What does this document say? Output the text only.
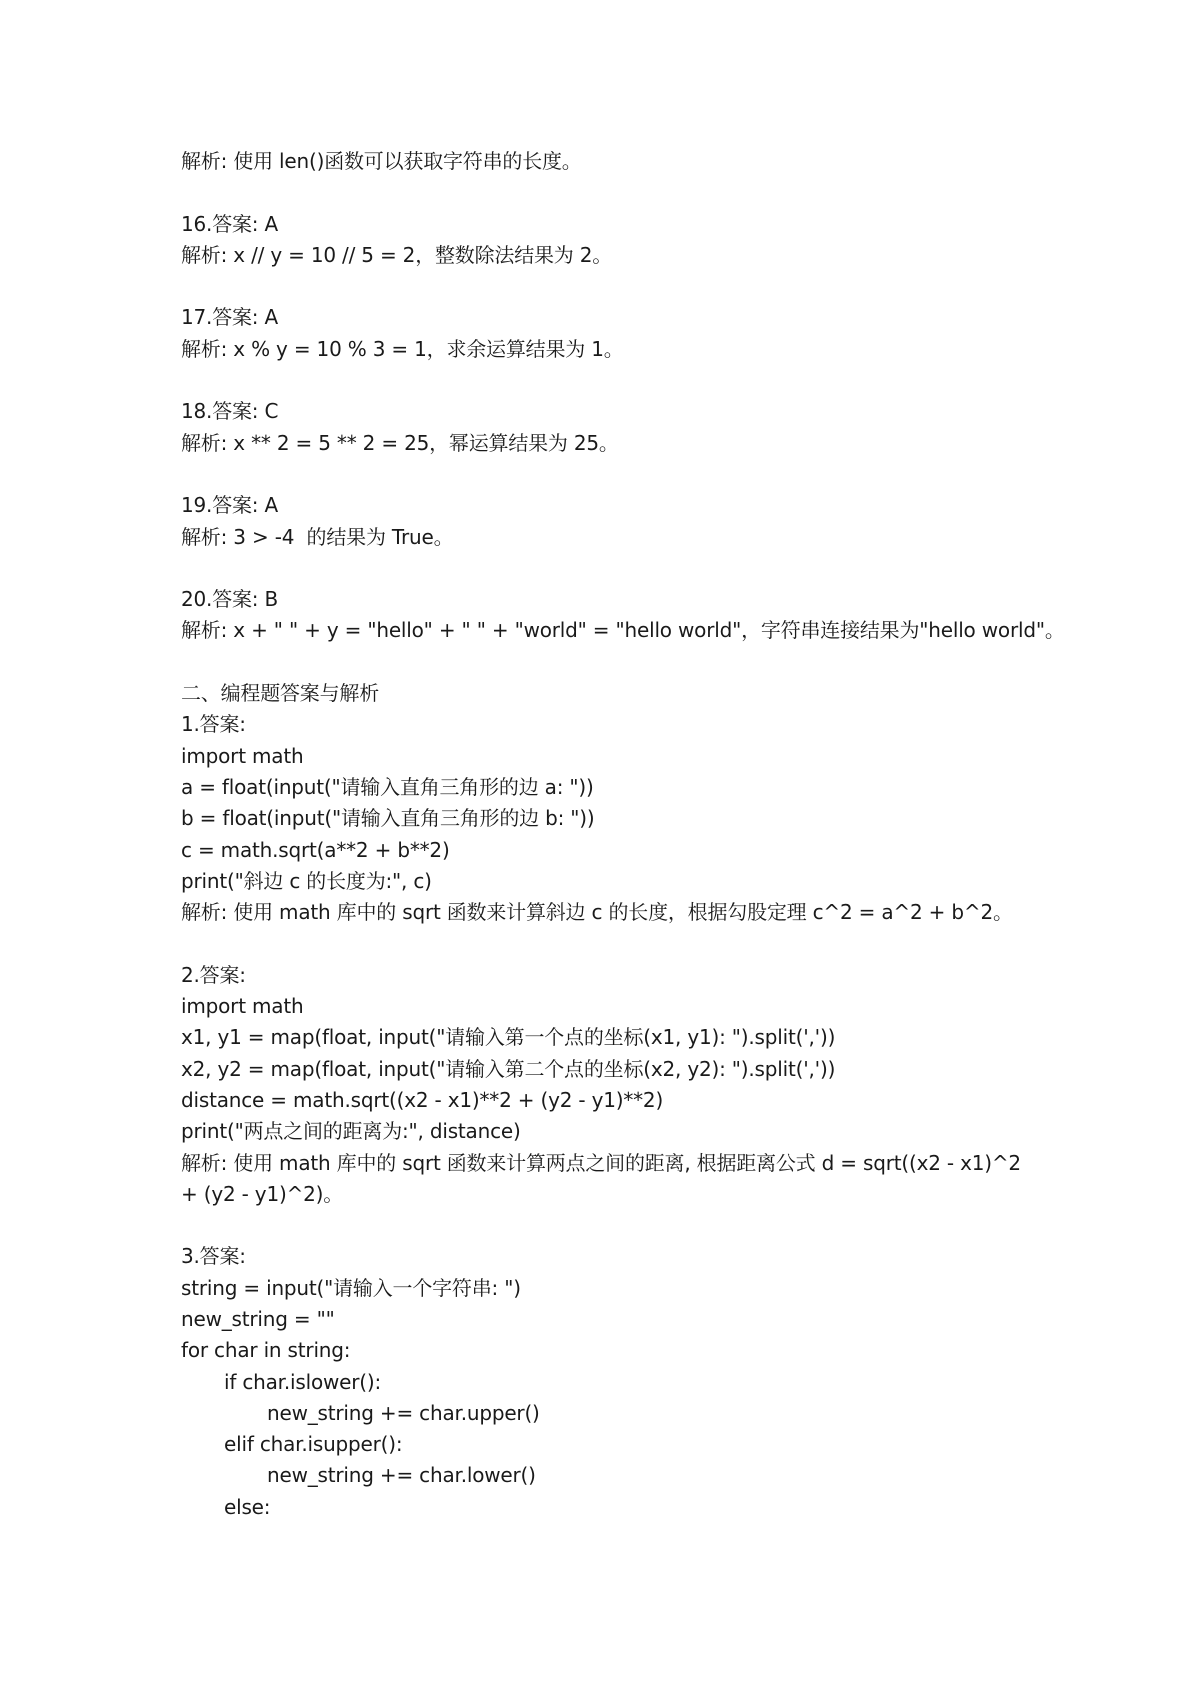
解析: 使用 len()函数可以获取字符串的长度。
16.答案: A
解析: x // y = 10 // 5 = 2，整数除法结果为 2。
17.答案: A
解析: x % y = 10 % 3 = 1，求余运算结果为 1。
18.答案: C
解析: x ** 2 = 5 ** 2 = 25，幂运算结果为 25。
19.答案: A
解析: 3 > -4  的结果为 True。
20.答案: B
解析: x + " " + y = "hello" + " " + "world" = "hello world"，字符串连接结果为"hello world"。
二、编程题答案与解析
1.答案:
import math
a = float(input("请输入直角三角形的边 a: "))
b = float(input("请输入直角三角形的边 b: "))
c = math.sqrt(a**2 + b**2)
print("斜边 c 的长度为:", c)
解析: 使用 math 库中的 sqrt 函数来计算斜边 c 的长度，根据勾股定理 c^2 = a^2 + b^2。
2.答案:
import math
x1, y1 = map(float, input("请输入第一个点的坐标(x1, y1): ").split(','))
x2, y2 = map(float, input("请输入第二个点的坐标(x2, y2): ").split(','))
distance = math.sqrt((x2 - x1)**2 + (y2 - y1)**2)
print("两点之间的距离为:", distance)
解析: 使用 math 库中的 sqrt 函数来计算两点之间的距离, 根据距离公式 d = sqrt((x2 - x1)^2
+ (y2 - y1)^2)。
3.答案:
string = input("请输入一个字符串: ")
new_string = ""
for char in string:
if char.islower():
new_string += char.upper()
elif char.isupper():
new_string += char.lower()
else:
